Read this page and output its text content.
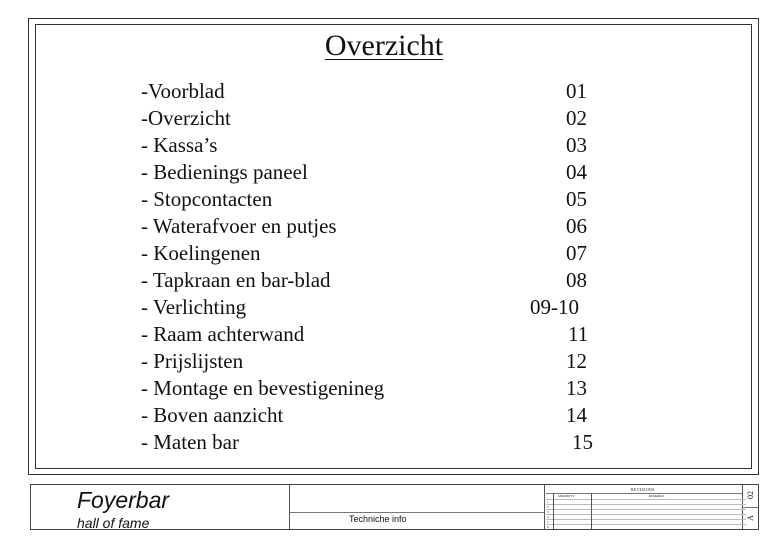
Overzicht
-Voorblad	01
-Overzicht	02
- Kassa’s	03
- Bedienings paneel	04
- Stopcontacten	05
- Waterafvoer en putjes	06
- Koelingenen	07
- Tapkraan en bar-blad	08
- Verlichting	09-10
- Raam achterwand	11
- Prijslijsten	12
- Montage en bevestigenineg	13
- Boven aanzicht	14
- Maten bar	15
Foyerbar
hall of fame	Techniche info
REVISIONS
MM/DD/YY	REMARKS
1
2
3
4
5
6
02
A
